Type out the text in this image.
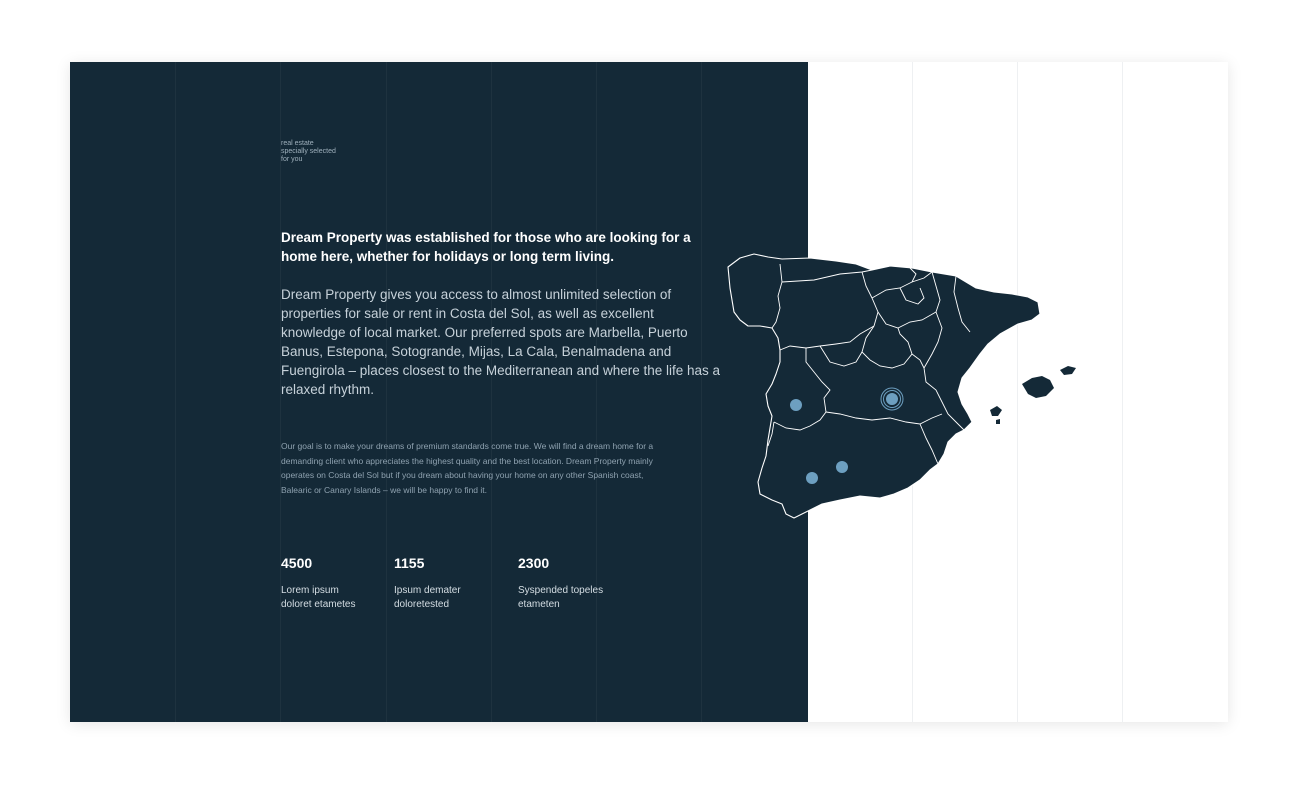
real estate
specially selected
for you

Dream Property was established for those who are looking for a home here, whether for holidays or long term living.

Dream Property gives you access to almost unlimited selection of properties for sale or rent in Costa del Sol, as well as excellent knowledge of local market. Our preferred spots are Marbella, Puerto Banus, Estepona, Sotogrande, Mijas, La Cala, Benalmadena and Fuengirola – places closest to the Mediterranean and where the life has a relaxed rhythm.

Our goal is to make your dreams of premium standards come true. We will find a dream home for a demanding client who appreciates the highest quality and the best location. Dream Property mainly operates on Costa del Sol but if you dream about having your home on any other Spanish coast, Balearic or Canary Islands – we will be happy to find it.

4500
Lorem ipsum
doloret etametes
1155
Ipsum demater
doloretested
2300
Syspended topeles
etameten
